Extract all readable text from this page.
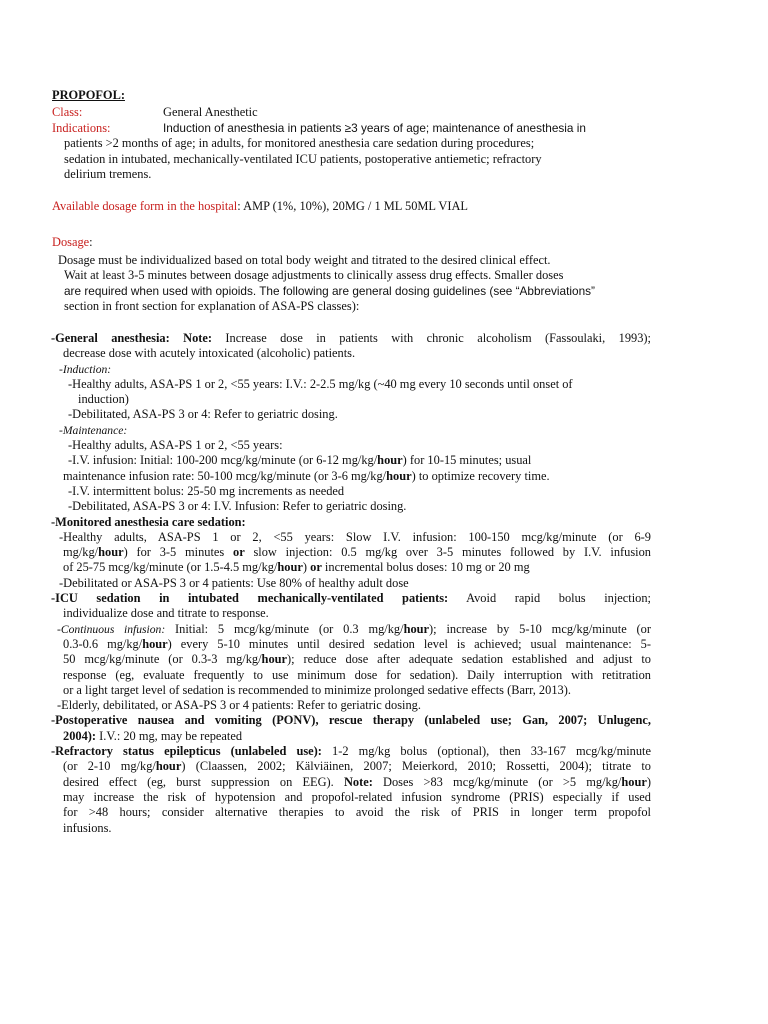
PROPOFOL:
Class:	General Anesthetic
Indications:	Induction of anesthesia in patients ≥3 years of age; maintenance of anesthesia in
patients >2 months of age; in adults, for monitored anesthesia care sedation during procedures;
sedation in intubated, mechanically-ventilated ICU patients, postoperative antiemetic; refractory
delirium tremens.
Available dosage form in the hospital: AMP (1%, 10%), 20MG / 1 ML 50ML VIAL
Dosage:
Dosage must be individualized based on total body weight and titrated to the desired clinical effect.
Wait at least 3-5 minutes between dosage adjustments to clinically assess drug effects. Smaller doses
are required when used with opioids. The following are general dosing guidelines (see “Abbreviations”
section in front section for explanation of ASA-PS classes):
-General anesthesia: Note: Increase dose in patients with chronic alcoholism (Fassoulaki, 1993);
decrease dose with acutely intoxicated (alcoholic) patients.
-Induction:
-Healthy adults, ASA-PS 1 or 2, <55 years: I.V.: 2-2.5 mg/kg (~40 mg every 10 seconds until onset of
induction)
-Debilitated, ASA-PS 3 or 4: Refer to geriatric dosing.
-Maintenance:
-Healthy adults, ASA-PS 1 or 2, <55 years:
-I.V. infusion: Initial: 100-200 mcg/kg/minute (or 6-12 mg/kg/hour) for 10-15 minutes; usual
maintenance infusion rate: 50-100 mcg/kg/minute (or 3-6 mg/kg/hour) to optimize recovery time.
-I.V. intermittent bolus: 25-50 mg increments as needed
-Debilitated, ASA-PS 3 or 4: I.V. Infusion: Refer to geriatric dosing.
-Monitored anesthesia care sedation:
-Healthy adults, ASA-PS 1 or 2, <55 years: Slow I.V. infusion: 100-150 mcg/kg/minute (or 6-9
mg/kg/hour) for 3-5 minutes or slow injection: 0.5 mg/kg over 3-5 minutes followed by I.V. infusion
of 25-75 mcg/kg/minute (or 1.5-4.5 mg/kg/hour) or incremental bolus doses: 10 mg or 20 mg
-Debilitated or ASA-PS 3 or 4 patients: Use 80% of healthy adult dose
-ICU sedation in intubated mechanically-ventilated patients: Avoid rapid bolus injection;
individualize dose and titrate to response.
-Continuous infusion: Initial: 5 mcg/kg/minute (or 0.3 mg/kg/hour); increase by 5-10 mcg/kg/minute (or
0.3-0.6 mg/kg/hour) every 5-10 minutes until desired sedation level is achieved; usual maintenance: 5-
50 mcg/kg/minute (or 0.3-3 mg/kg/hour); reduce dose after adequate sedation established and adjust to
response (eg, evaluate frequently to use minimum dose for sedation). Daily interruption with retitration
or a light target level of sedation is recommended to minimize prolonged sedative effects (Barr, 2013).
-Elderly, debilitated, or ASA-PS 3 or 4 patients: Refer to geriatric dosing.
-Postoperative nausea and vomiting (PONV), rescue therapy (unlabeled use; Gan, 2007; Unlugenc,
2004): I.V.: 20 mg, may be repeated
-Refractory status epilepticus (unlabeled use): 1-2 mg/kg bolus (optional), then 33-167 mcg/kg/minute
(or 2-10 mg/kg/hour) (Claassen, 2002; Kälviäinen, 2007; Meierkord, 2010; Rossetti, 2004); titrate to
desired effect (eg, burst suppression on EEG). Note: Doses >83 mcg/kg/minute (or >5 mg/kg/hour)
may increase the risk of hypotension and propofol-related infusion syndrome (PRIS) especially if used
for >48 hours; consider alternative therapies to avoid the risk of PRIS in longer term propofol
infusions.
